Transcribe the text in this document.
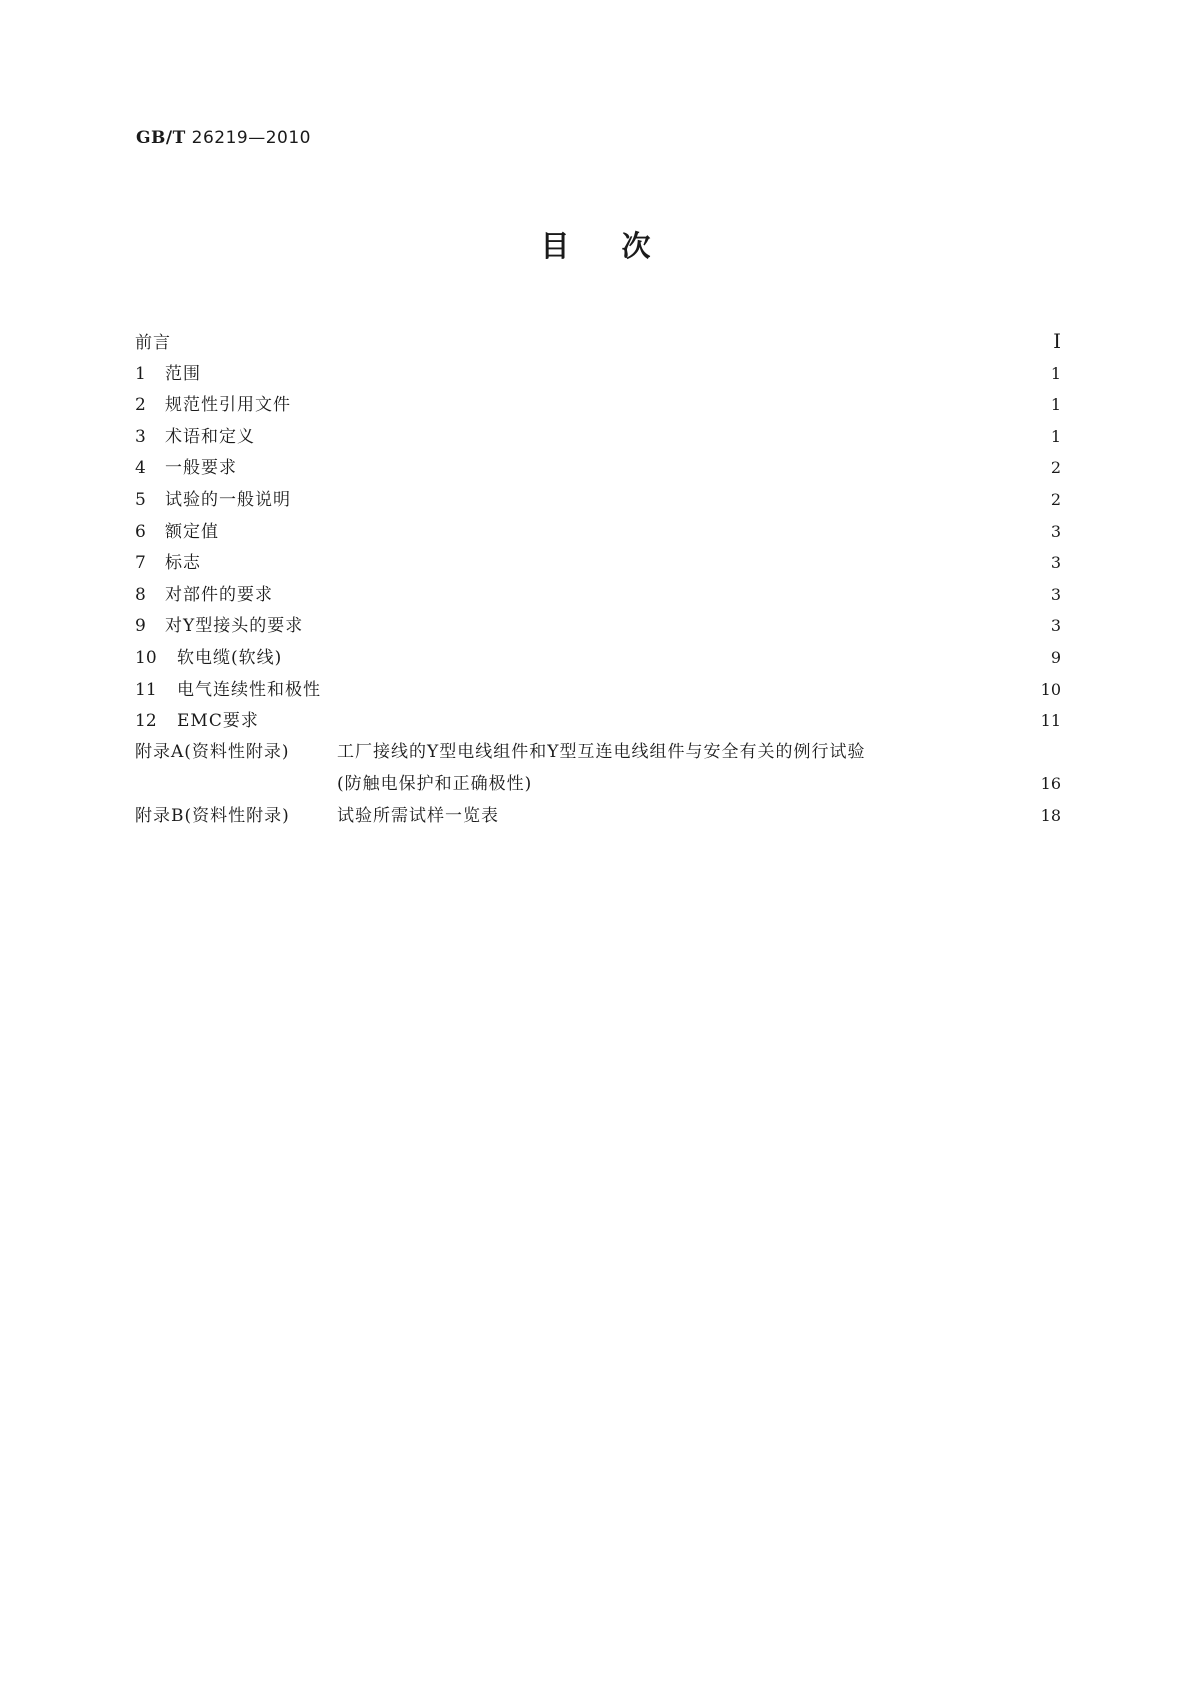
GB/T 26219—2010
目次
前言	Ⅰ
1	范围	1
2	规范性引用文件	1
3	术语和定义	1
4	一般要求	2
5	试验的一般说明	2
6	额定值	3
7	标志	3
8	对部件的要求	3
9	对Y型接头的要求	3
10	软电缆(软线)	9
11	电气连续性和极性	10
12	EMC要求	11
附录A(资料性附录)	工厂接线的Y型电线组件和Y型互连电线组件与安全有关的例行试验
(防触电保护和正确极性)	16
附录B(资料性附录)	试验所需试样一览表	18
